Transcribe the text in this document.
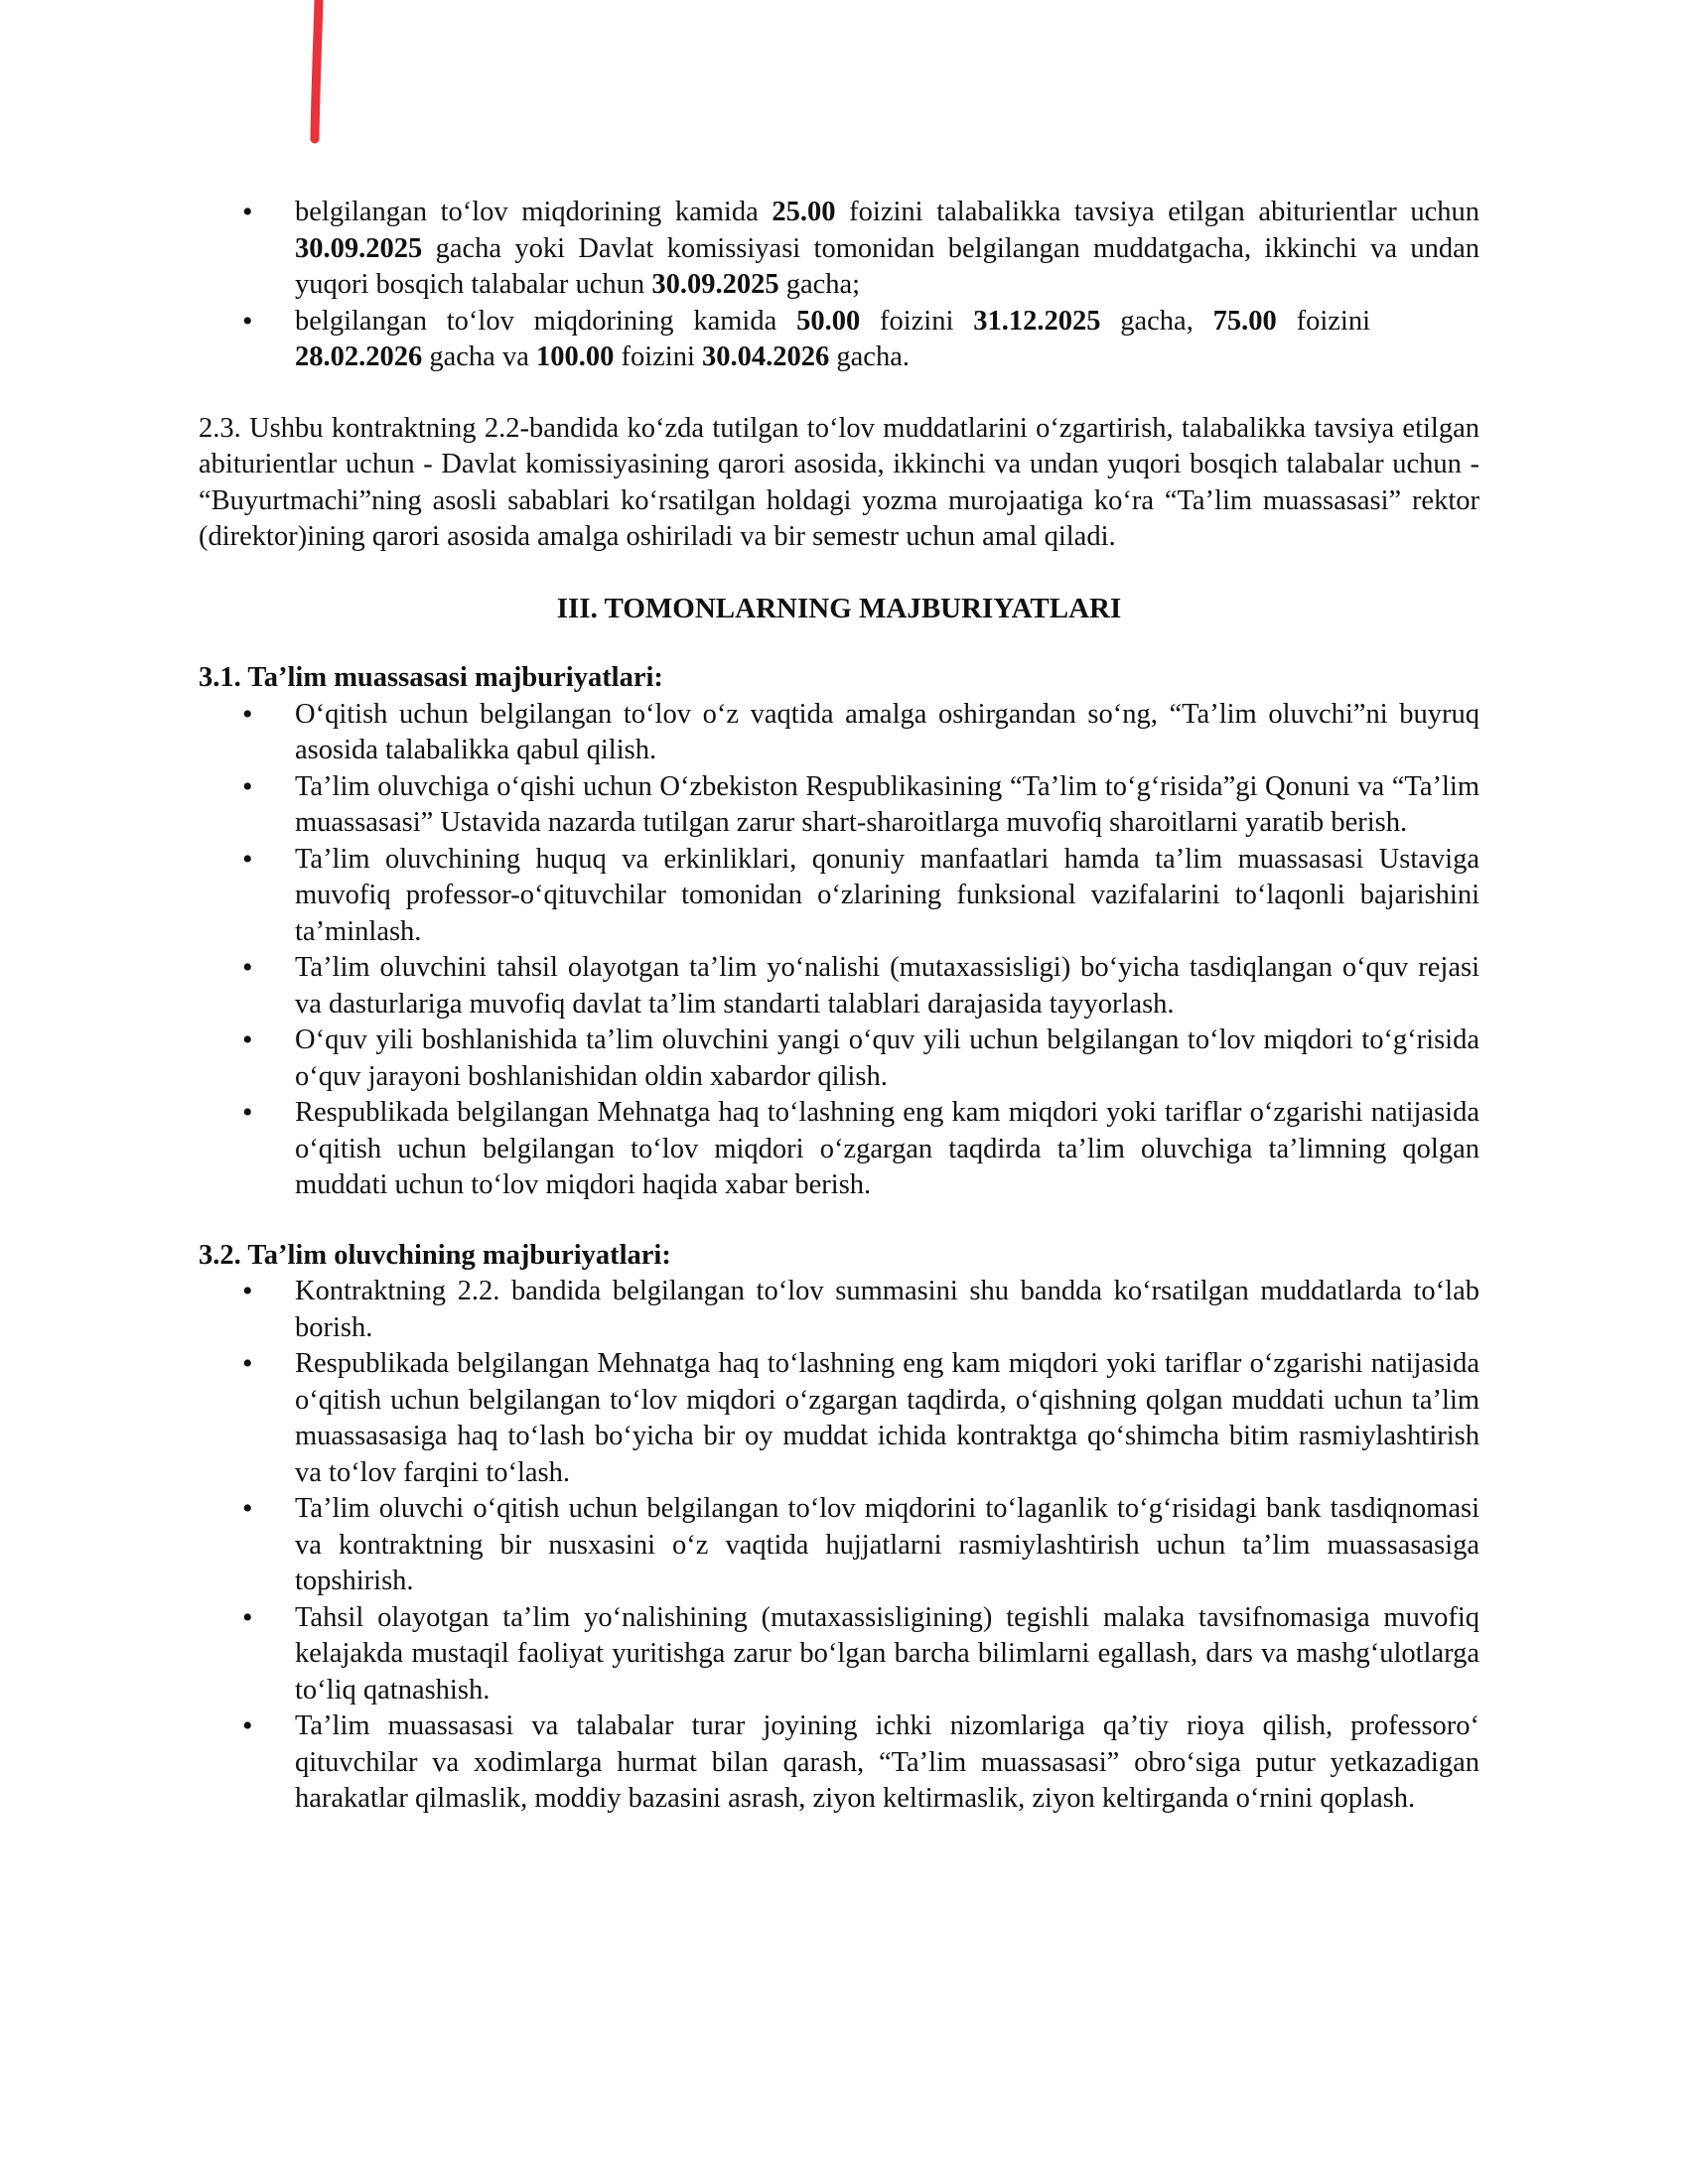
• belgilangan to‘lov miqdorining kamida 25.00 foizini talabalikka tavsiya etilgan abiturientlar uchun 30.09.2025 gacha yoki Davlat komissiyasi tomonidan belgilangan muddatgacha, ikkinchi va undan yuqori bosqich talabalar uchun 30.09.2025 gacha;
• belgilangan to‘lov miqdorining kamida 50.00 foizini 31.12.2025 gacha, 75.00 foizini 28.02.2026 gacha va 100.00 foizini 30.04.2026 gacha.

2.3. Ushbu kontraktning 2.2-bandida ko‘zda tutilgan to‘lov muddatlarini o‘zgartirish, talabalikka tavsiya etilgan abiturientlar uchun - Davlat komissiyasining qarori asosida, ikkinchi va undan yuqori bosqich talabalar uchun - “Buyurtmachi”ning asosli sabablari ko‘rsatilgan holdagi yozma murojaatiga ko‘ra “Ta’lim muassasasi” rektor (direktor)ining qarori asosida amalga oshiriladi va bir semestr uchun amal qiladi.

III. TOMONLARNING MAJBURIYATLARI
3.1. Ta’lim muassasasi majburiyatlari:
• O‘qitish uchun belgilangan to‘lov o‘z vaqtida amalga oshirgandan so‘ng, “Ta’lim oluvchi”ni buyruq asosida talabalikka qabul qilish.
• Ta’lim oluvchiga o‘qishi uchun O‘zbekiston Respublikasining “Ta’lim to‘g‘risida”gi Qonuni va “Ta’lim muassasasi” Ustavida nazarda tutilgan zarur shart-sharoitlarga muvofiq sharoitlarni yaratib berish.
• Ta’lim oluvchining huquq va erkinliklari, qonuniy manfaatlari hamda ta’lim muassasasi Ustaviga muvofiq professor-o‘qituvchilar tomonidan o‘zlarining funksional vazifalarini to‘laqonli bajarishini ta’minlash.
• Ta’lim oluvchini tahsil olayotgan ta’lim yo‘nalishi (mutaxassisligi) bo‘yicha tasdiqlangan o‘quv rejasi va dasturlariga muvofiq davlat ta’lim standarti talablari darajasida tayyorlash.
• O‘quv yili boshlanishida ta’lim oluvchini yangi o‘quv yili uchun belgilangan to‘lov miqdori to‘g‘risida o‘quv jarayoni boshlanishidan oldin xabardor qilish.
• Respublikada belgilangan Mehnatga haq to‘lashning eng kam miqdori yoki tariflar o‘zgarishi natijasida o‘qitish uchun belgilangan to‘lov miqdori o‘zgargan taqdirda ta’lim oluvchiga ta’limning qolgan muddati uchun to‘lov miqdori haqida xabar berish.
3.2. Ta’lim oluvchining majburiyatlari:
• Kontraktning 2.2. bandida belgilangan to‘lov summasini shu bandda ko‘rsatilgan muddatlarda to‘lab borish.
• Respublikada belgilangan Mehnatga haq to‘lashning eng kam miqdori yoki tariflar o‘zgarishi natijasida o‘qitish uchun belgilangan to‘lov miqdori o‘zgargan taqdirda, o‘qishning qolgan muddati uchun ta’lim muassasasiga haq to‘lash bo‘yicha bir oy muddat ichida kontraktga qo‘shimcha bitim rasmiylashtirish va to‘lov farqini to‘lash.
• Ta’lim oluvchi o‘qitish uchun belgilangan to‘lov miqdorini to‘laganlik to‘g‘risidagi bank tasdiqnomasi va kontraktning bir nusxasini o‘z vaqtida hujjatlarni rasmiylashtirish uchun ta’lim muassasasiga topshirish.
• Tahsil olayotgan ta’lim yo‘nalishining (mutaxassisligining) tegishli malaka tavsifnomasiga muvofiq kelajakda mustaqil faoliyat yuritishga zarur bo‘lgan barcha bilimlarni egallash, dars va mashg‘ulotlarga to‘liq qatnashish.
• Ta’lim muassasasi va talabalar turar joyining ichki nizomlariga qa’tiy rioya qilish, professoro‘ qituvchilar va xodimlarga hurmat bilan qarash, “Ta’lim muassasasi” obro‘siga putur yetkazadigan harakatlar qilmaslik, moddiy bazasini asrash, ziyon keltirmaslik, ziyon keltirganda o‘rnini qoplash.
